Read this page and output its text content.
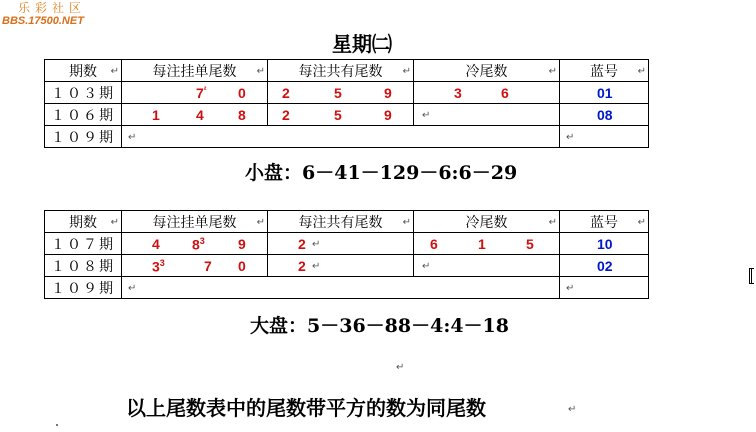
乐彩社区
BBS.17500.NET
星期㈡
期数 ↵	每注挂单尾数 ↵	每注共有尾数 ↵	冷尾数 ↵	蓝号 ↵

１０３期	$7^{^2}$ 0	2 5 9	3 6	01

１０６期	1 4 8	2 5 9	↵	08

１０９期	↵			↵
小盘：6－41－129－6:6－29
期数 ↵	每注挂单尾数 ↵	每注共有尾数 ↵	冷尾数 ↵	蓝号 ↵

１０７期	4 $8^3$ 9	2 ↵	6 1 5	10

１０８期	$3^3$ 7 0	2 ↵	↵	02

１０９期	↵			↵
大盘：5－36－88－4:4－18
↵
以上尾数表中的尾数带平方的数为同尾数	↵
